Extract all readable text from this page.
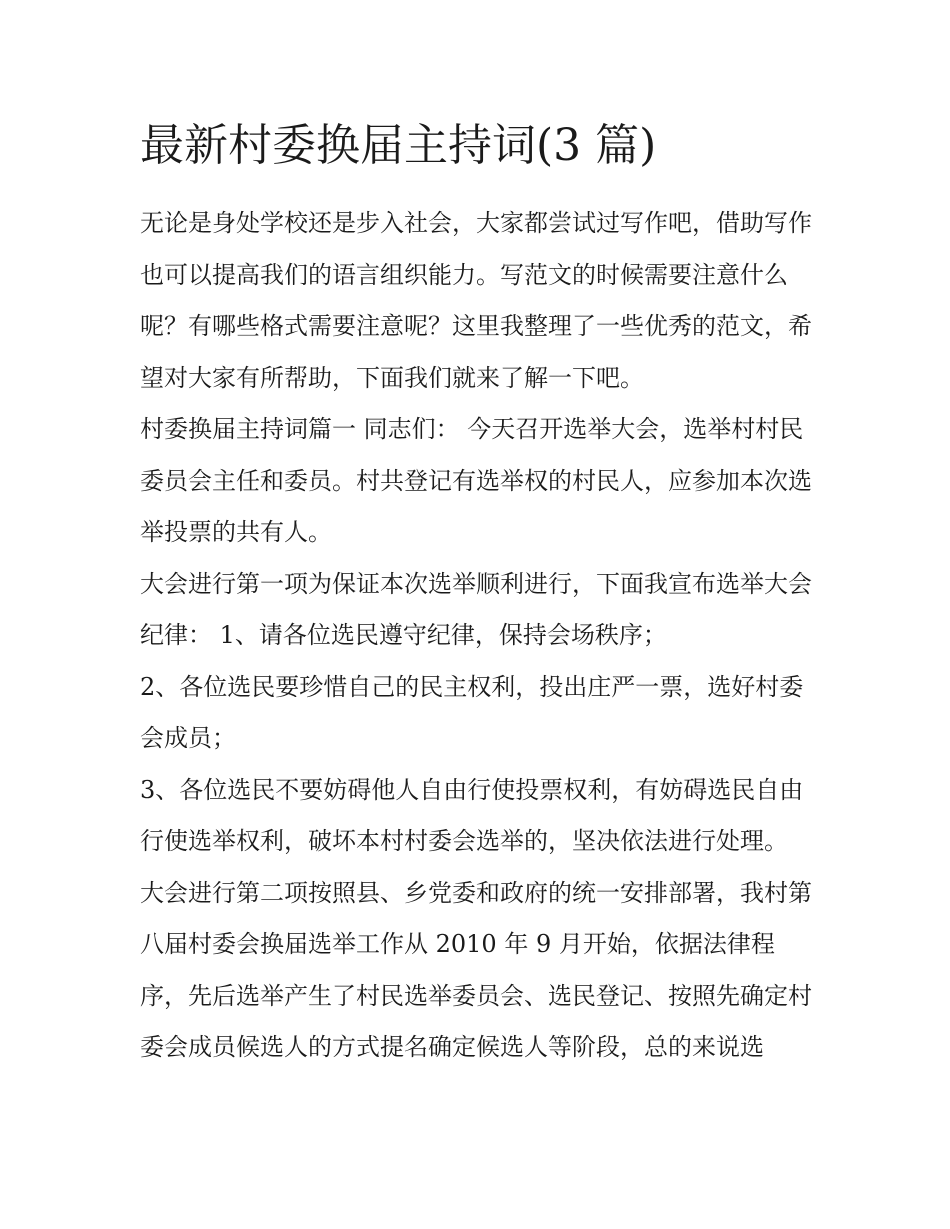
最新村委换届主持词(3 篇)

无论是身处学校还是步入社会，大家都尝试过写作吧，借助写作也可以提高我们的语言组织能力。写范文的时候需要注意什么呢？有哪些格式需要注意呢？这里我整理了一些优秀的范文，希望对大家有所帮助，下面我们就来了解一下吧。

村委换届主持词篇一 同志们： 今天召开选举大会，选举村村民委员会主任和委员。村共登记有选举权的村民人，应参加本次选举投票的共有人。

大会进行第一项为保证本次选举顺利进行，下面我宣布选举大会纪律： 1、请各位选民遵守纪律，保持会场秩序；

2、各位选民要珍惜自己的民主权利，投出庄严一票，选好村委会成员；

3、各位选民不要妨碍他人自由行使投票权利，有妨碍选民自由行使选举权利，破坏本村村委会选举的，坚决依法进行处理。

大会进行第二项按照县、乡党委和政府的统一安排部署，我村第八届村委会换届选举工作从 2010 年 9 月开始，依据法律程序，先后选举产生了村民选举委员会、选民登记、按照先确定村委会成员候选人的方式提名确定候选人等阶段，总的来说选
